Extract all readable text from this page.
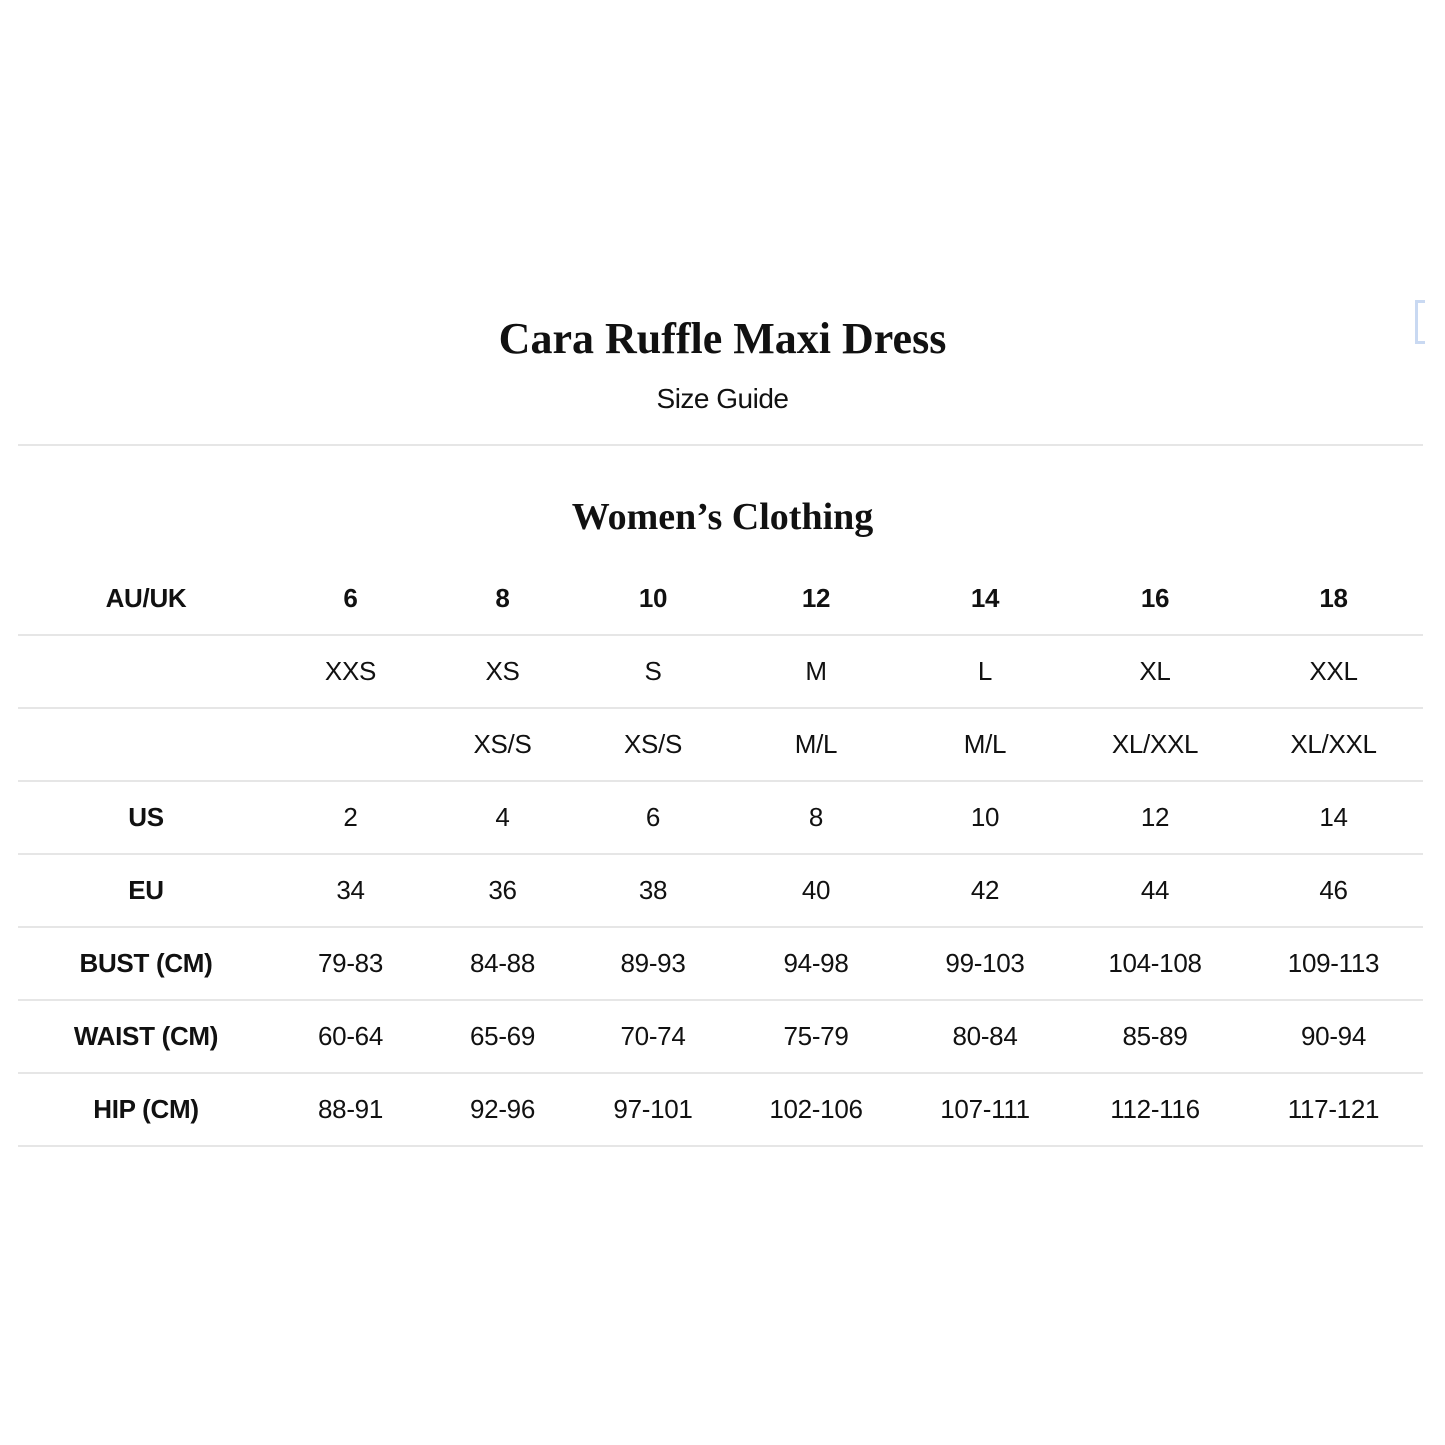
Cara Ruffle Maxi Dress
Size Guide
Women’s Clothing
AU/UK	6	8	10	12	14	16	18
	XXS	XS	S	M	L	XL	XXL
		XS/S	XS/S	M/L	M/L	XL/XXL	XL/XXL
US	2	4	6	8	10	12	14
EU	34	36	38	40	42	44	46
BUST (CM)	79-83	84-88	89-93	94-98	99-103	104-108	109-113
WAIST (CM)	60-64	65-69	70-74	75-79	80-84	85-89	90-94
HIP (CM)	88-91	92-96	97-101	102-106	107-111	112-116	117-121
